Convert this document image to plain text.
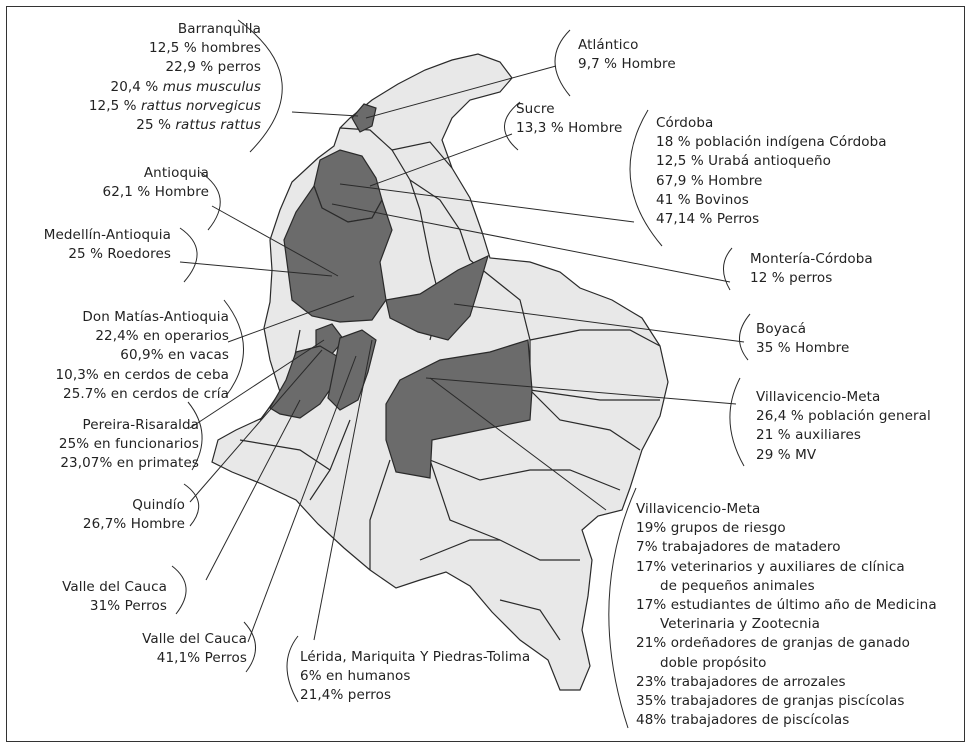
Barranquilla
12,5 % hombres
22,9 % perros
20,4 % mus musculus
12,5 % rattus norvegicus
25 % rattus rattus
Atlántico
9,7 % Hombre
Sucre
13,3 % Hombre Córdoba
18 % población indígena Córdoba
12,5 % Urabá antioqueño
67,9 % Hombre
41 % Bovinos
47,14 % Perros
Antioquia
62,1 % Hombre
Medellín-Antioquia
25 % Roedores	Montería-Córdoba
12 % perros
Don Matías-Antioquia
22,4% en operarios
60,9% en vacas
10,3% en cerdos de ceba
25.7% en cerdos de cría
Boyacá
35 % Hombre
Villavicencio-Meta
26,4 % población general
21 % auxiliares
29 % MV
Pereira-Risaralda
25% en funcionarios
23,07% en primates
Quindío
26,7% Hombre
Villavicencio-Meta
19% grupos de riesgo
7% trabajadores de matadero
17% veterinarios y auxiliares de clínica
de pequeños animales
17% estudiantes de último año de Medicina
Veterinaria y Zootecnia
21% ordeñadores de granjas de ganado
doble propósito
23% trabajadores de arrozales
35% trabajadores de granjas piscícolas
48% trabajadores de piscícolas
Valle del Cauca
31% Perros
Valle del Cauca
41,1% Perros	Lérida, Mariquita Y Piedras-Tolima
6% en humanos
21,4% perros
